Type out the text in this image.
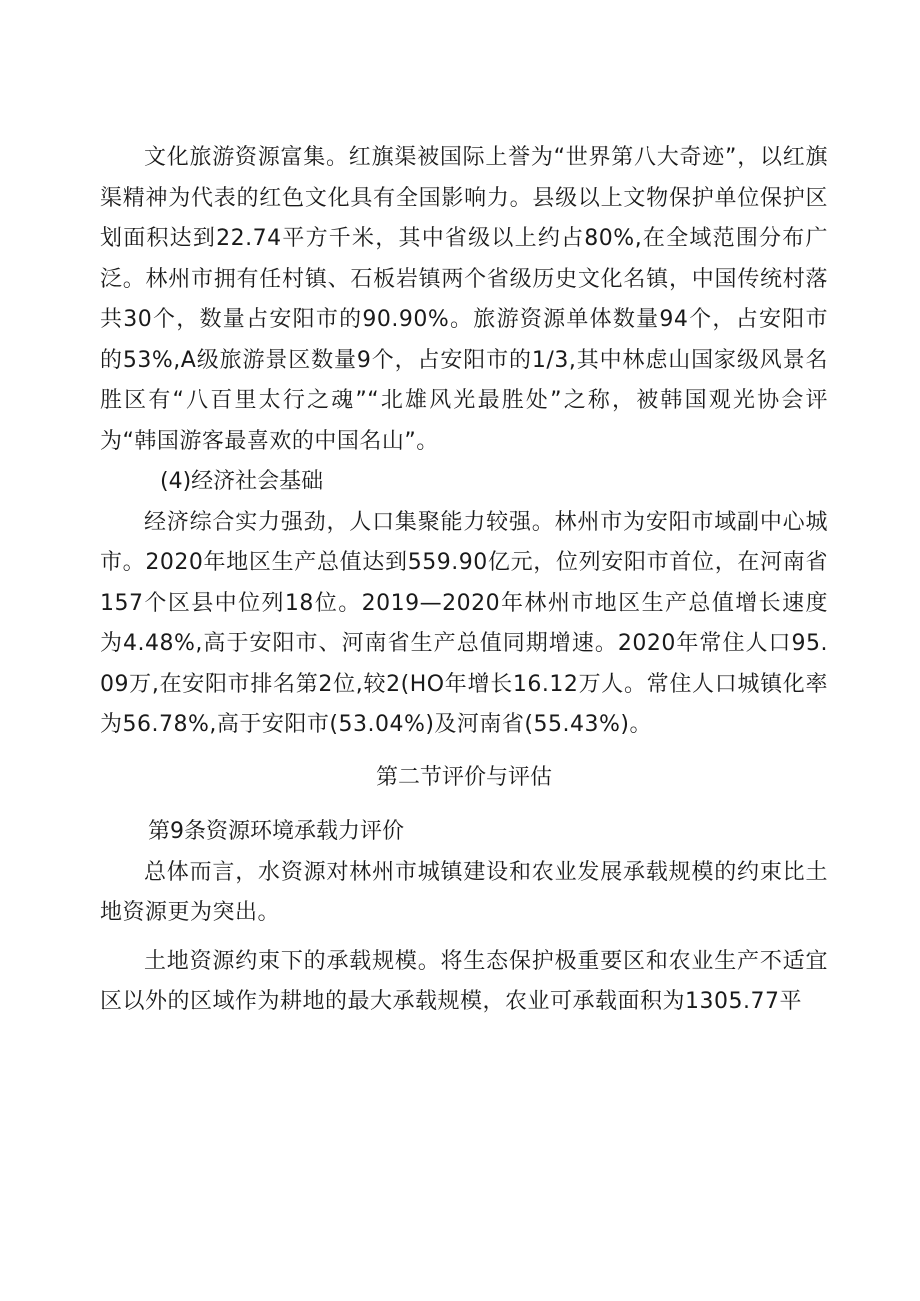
文化旅游资源富集。红旗渠被国际上誉为“世界第八大奇迹”，以红旗渠精神为代表的红色文化具有全国影响力。县级以上文物保护单位保护区划面积达到22.74平方千米，其中省级以上约占80%,在全域范围分布广泛。林州市拥有任村镇、石板岩镇两个省级历史文化名镇，中国传统村落共30个，数量占安阳市的90.90%。旅游资源单体数量94个，占安阳市的53%,A级旅游景区数量9个，占安阳市的1/3,其中林虑山国家级风景名胜区有“八百里太行之魂”“北雄风光最胜处”之称，被韩国观光协会评为“韩国游客最喜欢的中国名山”。

(4)经济社会基础

经济综合实力强劲，人口集聚能力较强。林州市为安阳市域副中心城市。2020年地区生产总值达到559.90亿元，位列安阳市首位，在河南省157个区县中位列18位。2019—2020年林州市地区生产总值增长速度为4.48%,高于安阳市、河南省生产总值同期增速。2020年常住人口95.09万,在安阳市排名第2位,较2(HO年增长16.12万人。常住人口城镇化率为56.78%,高于安阳市(53.04%)及河南省(55.43%)。

第二节评价与评估

第9条资源环境承载力评价

总体而言，水资源对林州市城镇建设和农业发展承载规模的约束比土地资源更为突出。

土地资源约束下的承载规模。将生态保护极重要区和农业生产不适宜区以外的区域作为耕地的最大承载规模，农业可承载面积为1305.77平
